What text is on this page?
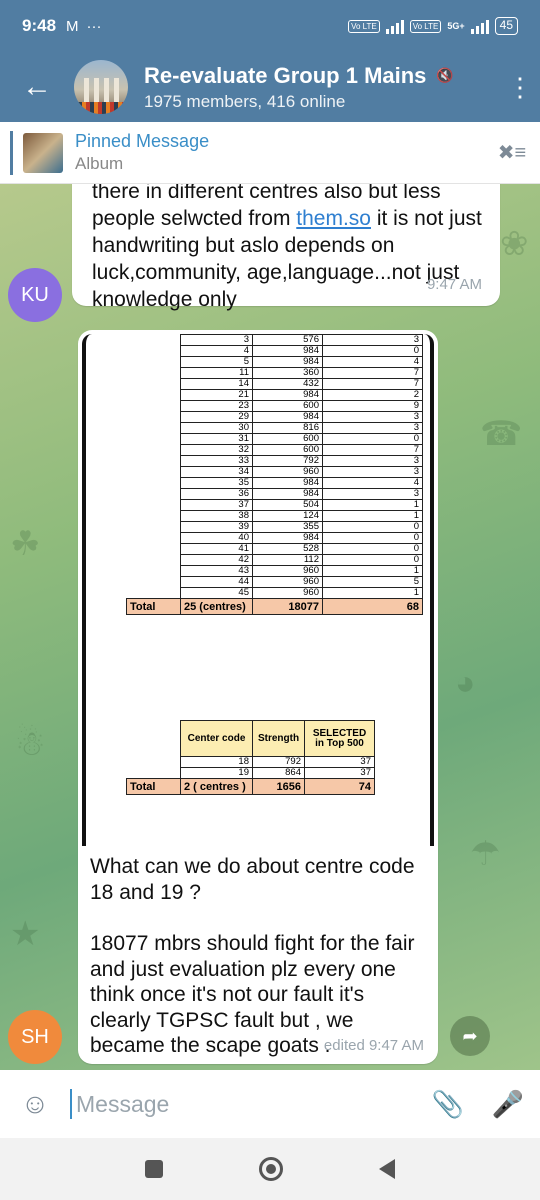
9:48 M ···	Vo LTE	Vo LTE	5G+	45
←	Re-evaluate Group 1 Mains 🔇
1975 members, 416 online	⋮
Pinned Message
Album	✖≡
❀
☘
☎
◕
☃
☂
★
there in different centres also but less people selwcted from them.so it is not just handwriting but aslo depends on luck,community, age,language...not just knowledge only
9:47 AM
KU
	3	576	3
	4	984	0
	5	984	4
	11	360	7
	14	432	7
	21	984	2
	23	600	9
	29	984	3
	30	816	3
	31	600	0
	32	600	7
	33	792	3
	34	960	3
	35	984	4
	36	984	3
	37	504	1
	38	124	1
	39	355	0
	40	984	0
	41	528	0
	42	112	0
	43	960	1
	44	960	5
	45	960	1
Total	25 (centres)	18077	68
	Center code	Strength	SELECTED in Top 500
	18	792	37
	19	864	37
Total	2 ( centres )	1656	74

What can we do about centre code 18 and 19 ?

18077 mbrs should fight for the fair and just evaluation plz every one think once it's not our fault it's clearly TGPSC fault but , we became the scape goats .

edited 9:47 AM
SH	➦
☺	Message	📎	🎤
